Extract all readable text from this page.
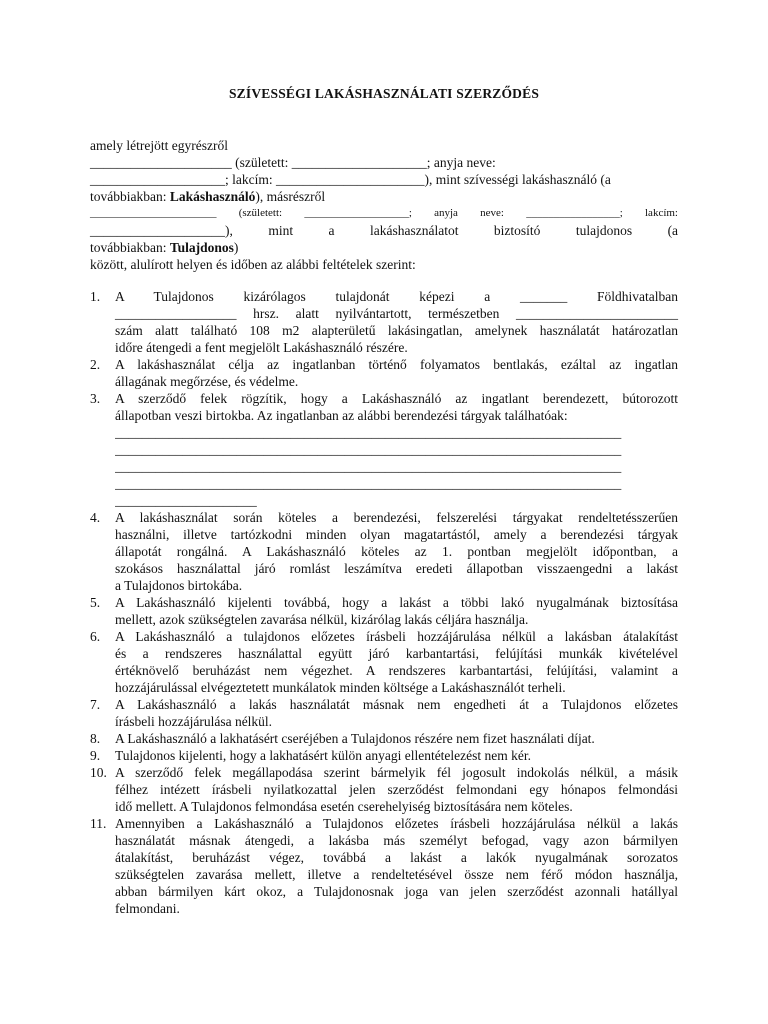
SZÍVESSÉGI LAKÁSHASZNÁLATI SZERZŐDÉS
amely létrejött egyrészről
_____________________ (született: ____________________; anyja neve:
____________________; lakcím: ______________________), mint szívességi lakáshasználó (a
továbbiakban: Lakáshasználó), másrészről
_______________________ (született: ___________________; anyja neve: _________________; lakcím:
____________________), mint	a	lakáshasználatot	biztosító tulajdonos	(a
továbbiakban: Tulajdonos)
között, alulírott helyen és időben az alábbi feltételek szerint:
1.	A Tulajdonos kizárólagos tulajdonát képezi a _______ Földhivatalban
__________________ hrsz. alatt nyilvántartott, természetben ________________________
szám alatt található 108 m2 alapterületű lakásingatlan, amelynek használatát határozatlan
időre átengedi a fent megjelölt Lakáshasználó részére.
2.	A lakáshasználat célja az ingatlanban történő folyamatos bentlakás, ezáltal az ingatlan
állagának megőrzése, és védelme.
3.	A szerződő felek rögzítik, hogy a Lakáshasználó az ingatlant berendezett, bútorozott
állapotban veszi birtokba. Az ingatlanban az alábbi berendezési tárgyak találhatóak:
___________________________________________________________________________
___________________________________________________________________________
___________________________________________________________________________
___________________________________________________________________________
_____________________
4.	A lakáshasználat során köteles a berendezési, felszerelési tárgyakat rendeltetésszerűen
használni, illetve tartózkodni minden olyan magatartástól, amely a berendezési tárgyak
állapotát rongálná. A Lakáshasználó köteles az 1. pontban megjelölt időpontban, a
szokásos használattal járó romlást leszámítva eredeti állapotban visszaengedni a lakást
a Tulajdonos birtokába.
5.	A Lakáshasználó kijelenti továbbá, hogy a lakást a többi lakó nyugalmának biztosítása
mellett, azok szükségtelen zavarása nélkül, kizárólag lakás céljára használja.
6.	A Lakáshasználó a tulajdonos előzetes írásbeli hozzájárulása nélkül a lakásban átalakítást
és a rendszeres használattal együtt járó karbantartási, felújítási munkák kivételével
értéknövelő beruházást nem végezhet. A rendszeres karbantartási, felújítási, valamint a
hozzájárulással elvégeztetett munkálatok minden költsége a Lakáshasználót terheli.
7.	A Lakáshasználó a lakás használatát másnak nem engedheti át a Tulajdonos előzetes
írásbeli hozzájárulása nélkül.
8.	A Lakáshasználó a lakhatásért cseréjében a Tulajdonos részére nem fizet használati díjat.
9.	Tulajdonos kijelenti, hogy a lakhatásért külön anyagi ellentételezést nem kér.
10. A szerződő felek megállapodása szerint bármelyik fél jogosult indokolás nélkül, a másik
félhez intézett írásbeli nyilatkozattal jelen szerződést felmondani egy hónapos felmondási
idő mellett. A Tulajdonos felmondása esetén cserehelyiség biztosítására nem köteles.
11. Amennyiben a Lakáshasználó a Tulajdonos előzetes írásbeli hozzájárulása nélkül a lakás
használatát másnak átengedi, a lakásba más személyt befogad, vagy azon bármilyen
átalakítást, beruházást végez, továbbá a lakást a lakók nyugalmának sorozatos
szükségtelen zavarása mellett, illetve a rendeltetésével össze nem férő módon használja,
abban bármilyen kárt okoz, a Tulajdonosnak joga van jelen szerződést azonnali hatállyal
felmondani.
